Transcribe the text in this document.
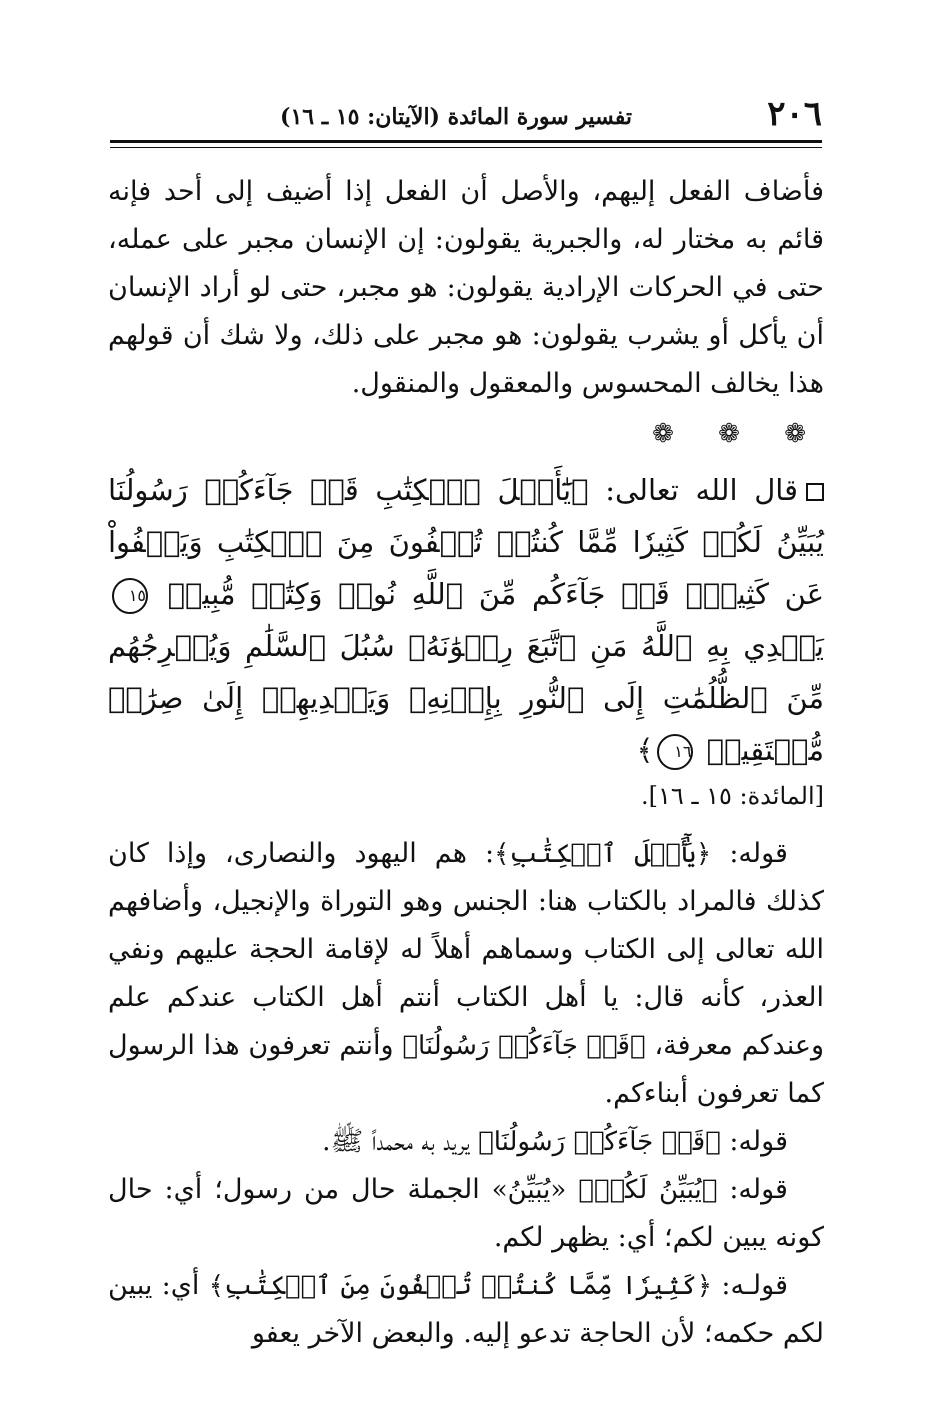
٢٠٦
تفسير سورة المائدة (الآيتان: ١٥ ـ ١٦)

فأضاف الفعل إليهم، والأصل أن الفعل إذا أضيف إلى أحد فإنه قائم به مختار له، والجبرية يقولون: إن الإنسان مجبر على عمله، حتى في الحركات الإرادية يقولون: هو مجبر، حتى لو أراد الإنسان أن يأكل أو يشرب يقولون: هو مجبر على ذلك، ولا شك أن قولهم هذا يخالف المحسوس والمعقول والمنقول.

❁ ❁ ❁

قال الله تعالى: ﴿يَٰٓأَهۡلَ ٱلۡكِتَٰبِ قَدۡ جَآءَكُمۡ رَسُولُنَا يُبَيِّنُ لَكُمۡ كَثِيرٗا مِّمَّا كُنتُمۡ تُخۡفُونَ مِنَ ٱلۡكِتَٰبِ وَيَعۡفُواْ عَن كَثِيرٖۚ قَدۡ جَآءَكُم مِّنَ ٱللَّهِ نُورٞ وَكِتَٰبٞ مُّبِينٞ ١٥ يَهۡدِي بِهِ ٱللَّهُ مَنِ ٱتَّبَعَ رِضۡوَٰنَهُۥ سُبُلَ ٱلسَّلَٰمِ وَيُخۡرِجُهُم مِّنَ ٱلظُّلُمَٰتِ إِلَى ٱلنُّورِ بِإِذۡنِهِۦ وَيَهۡدِيهِمۡ إِلَىٰ صِرَٰطٖ مُّسۡتَقِيمٖ ١٦﴾

[المائدة: ١٥ ـ ١٦].

قوله: ﴿يَٰٓأَهۡلَ ٱلۡكِتَٰبِ﴾: هم اليهود والنصارى، وإذا كان كذلك فالمراد بالكتاب هنا: الجنس وهو التوراة والإنجيل، وأضافهم الله تعالى إلى الكتاب وسماهم أهلاً له لإقامة الحجة عليهم ونفي العذر، كأنه قال: يا أهل الكتاب أنتم أهل الكتاب عندكم علم وعندكم معرفة، ﴿قَدۡ جَآءَكُمۡ رَسُولُنَا﴾ وأنتم تعرفون هذا الرسول كما تعرفون أبناءكم.

قوله: ﴿قَدۡ جَآءَكُمۡ رَسُولُنَا﴾ يريد به محمداً ﷺ.

قوله: ﴿يُبَيِّنُ لَكُمۡ﴾ «يُبَيِّنُ» الجملة حال من رسول؛ أي: حال كونه يبين لكم؛ أي: يظهر لكم.

قولـه: ﴿كَثِيرٗا مِّمَّا كُنتُمۡ تُخۡفُونَ مِنَ ٱلۡكِتَٰبِ﴾ أي: يبين لكم حكمه؛ لأن الحاجة تدعو إليه. والبعض الآخر يعفو
